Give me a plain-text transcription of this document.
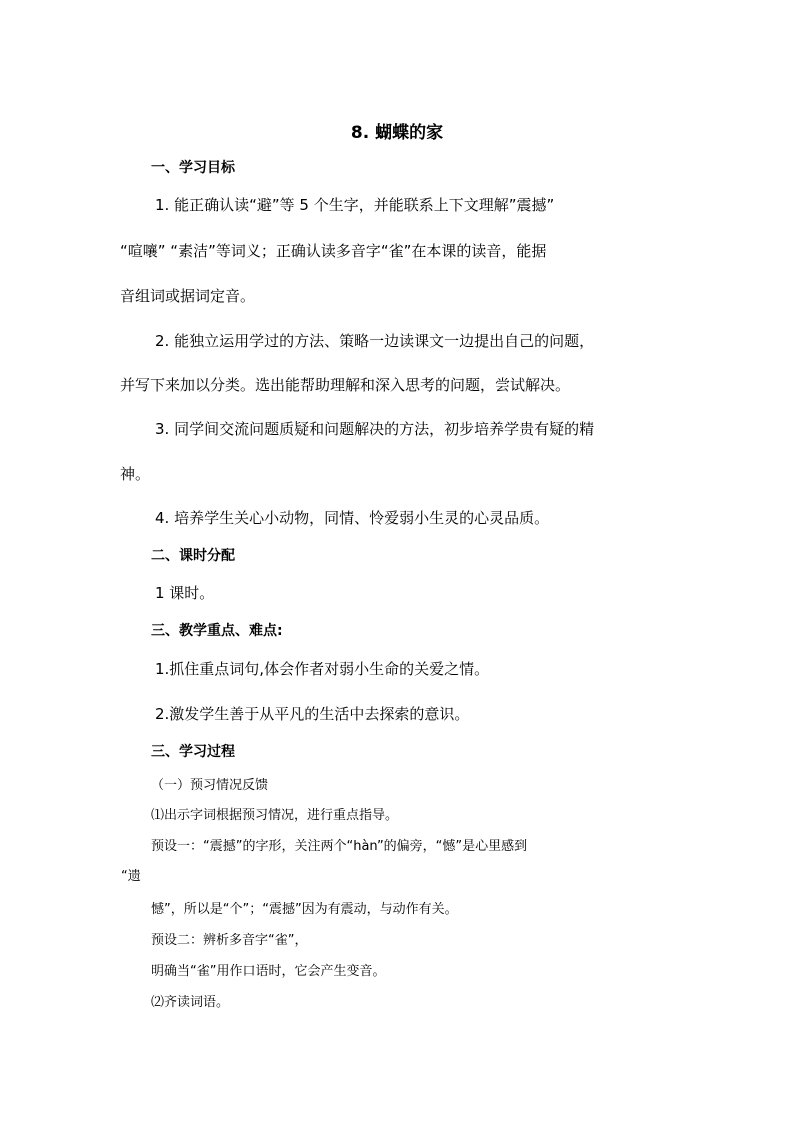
8. 蝴蝶的家

一、学习目标

1. 能正确认读“避”等 5 个生字，并能联系上下文理解”震撼”

“喧嚷” “素洁”等词义；正确认读多音字“雀”在本课的读音，能据

音组词或据词定音。

2. 能独立运用学过的方法、策略一边读课文一边提出自己的问题，

并写下来加以分类。选出能帮助理解和深入思考的问题，尝试解决。

3. 同学间交流问题质疑和问题解决的方法，初步培养学贵有疑的精

神。

4. 培养学生关心小动物，同情、怜爱弱小生灵的心灵品质。

二、课时分配

1 课时。

三、教学重点、难点:

1.抓住重点词句,体会作者对弱小生命的关爱之情。

2.激发学生善于从平凡的生活中去探索的意识。

三、学习过程

（一）预习情况反馈

⑴出示字词根据预习情况，进行重点指导。

预设一：“震撼”的字形，关注两个“hàn”的偏旁，“憾”是心里感到

“遗

憾”，所以是“个”；“震撼”因为有震动，与动作有关。

预设二：辨析多音字“雀”，

明确当“雀”用作口语时，它会产生变音。

⑵齐读词语。
